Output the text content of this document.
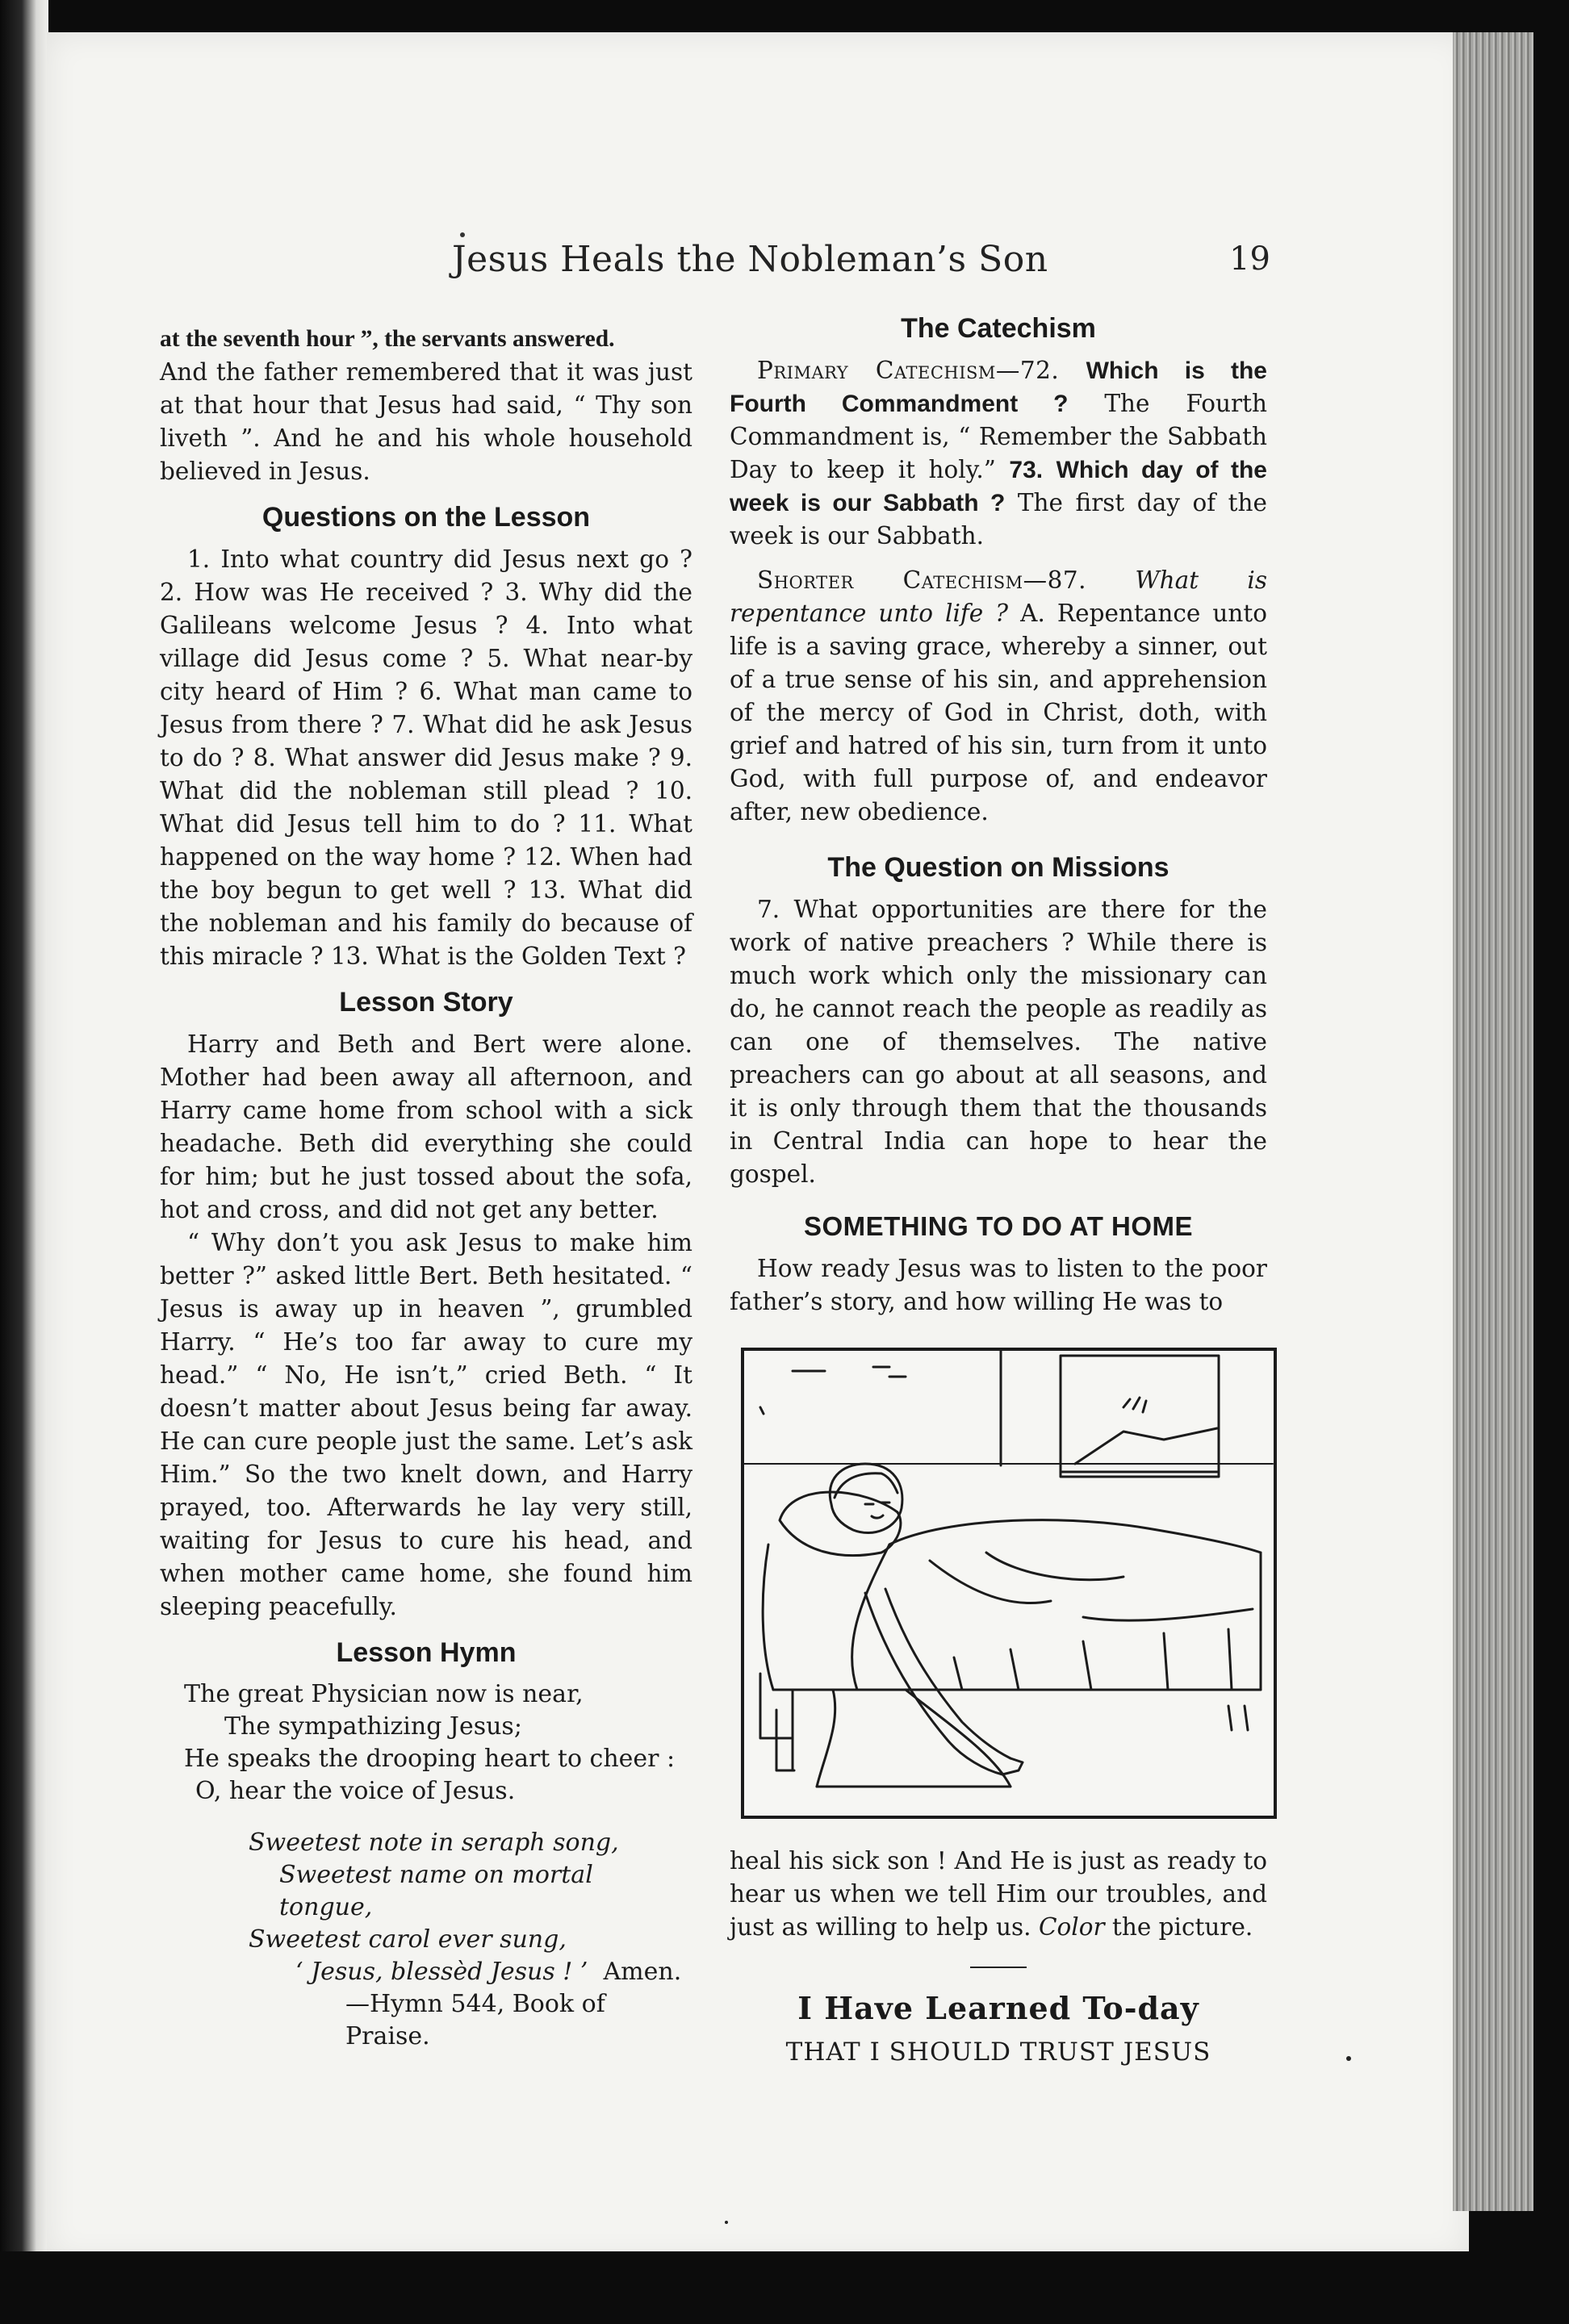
Jesus Heals the Nobleman’s Son	19

at the seventh hour ”, the servants answered.

And the father remembered that it was just at that hour that Jesus had said, “ Thy son liveth ”. And he and his whole household believed in Jesus.

Questions on the Lesson

1. Into what country did Jesus next go ? 2. How was He received ? 3. Why did the Galileans welcome Jesus ? 4. Into what village did Jesus come ? 5. What near-by city heard of Him ? 6. What man came to Jesus from there ? 7. What did he ask Jesus to do ? 8. What answer did Jesus make ? 9. What did the nobleman still plead ? 10. What did Jesus tell him to do ? 11. What happened on the way home ? 12. When had the boy begun to get well ? 13. What did the nobleman and his family do because of this miracle ? 13. What is the Golden Text ?

Lesson Story

Harry and Beth and Bert were alone. Mother had been away all afternoon, and Harry came home from school with a sick headache. Beth did everything she could for him; but he just tossed about the sofa, hot and cross, and did not get any better.

“ Why don’t you ask Jesus to make him better ?” asked little Bert. Beth hesitated. “ Jesus is away up in heaven ”, grumbled Harry. “ He’s too far away to cure my head.” “ No, He isn’t,” cried Beth. “ It doesn’t matter about Jesus being far away. He can cure people just the same. Let’s ask Him.” So the two knelt down, and Harry prayed, too. Afterwards he lay very still, waiting for Jesus to cure his head, and when mother came home, she found him sleeping peacefully.

Lesson Hymn
The great Physician now is near,
The sympathizing Jesus;
He speaks the drooping heart to cheer :
O, hear the voice of Jesus.
Sweetest note in seraph song,
Sweetest name on mortal tongue,
Sweetest carol ever sung,
‘ Jesus, blessèd Jesus ! ’ Amen.
—Hymn 544, Book of Praise.
The Catechism

Primary Catechism—72. Which is the Fourth Commandment ? The Fourth Commandment is, “ Remember the Sabbath Day to keep it holy.” 73. Which day of the week is our Sabbath ? The first day of the week is our Sabbath.

Shorter Catechism—87. What is repentance unto life ? A. Repentance unto life is a saving grace, whereby a sinner, out of a true sense of his sin, and apprehension of the mercy of God in Christ, doth, with grief and hatred of his sin, turn from it unto God, with full purpose of, and endeavor after, new obedience.

The Question on Missions

7. What opportunities are there for the work of native preachers ? While there is much work which only the missionary can do, he cannot reach the people as readily as can one of themselves. The native preachers can go about at all seasons, and it is only through them that the thousands in Central India can hope to hear the gospel.

SOMETHING TO DO AT HOME

How ready Jesus was to listen to the poor father’s story, and how willing He was to

heal his sick son ! And He is just as ready to hear us when we tell Him our troubles, and just as willing to help us. Color the picture.

I Have Learned To-day
THAT I SHOULD TRUST JESUS
